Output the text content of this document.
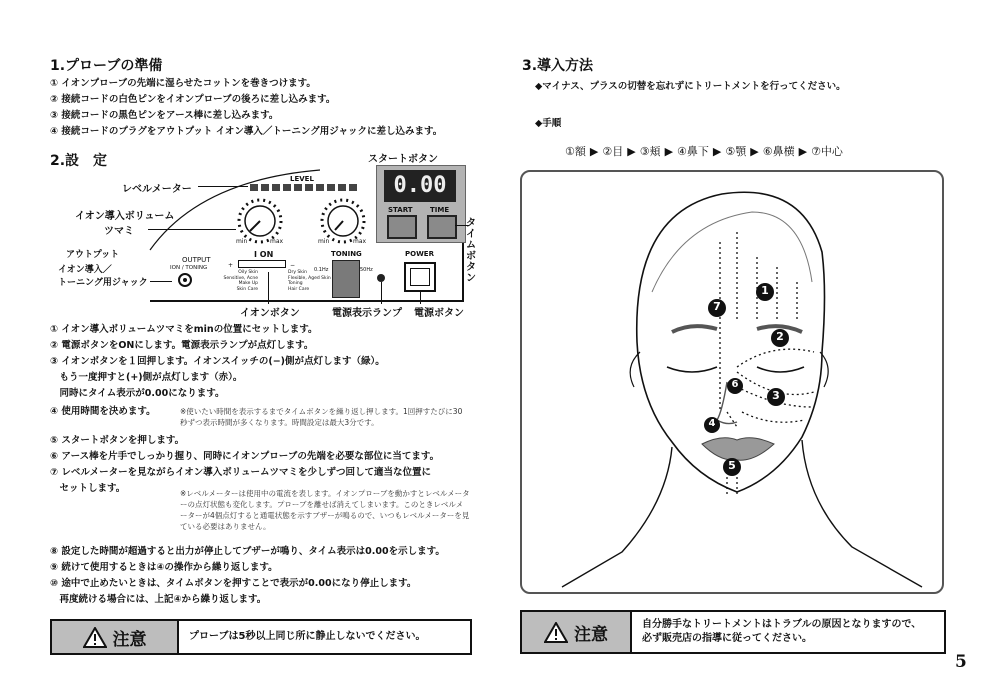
1.プローブの準備
① イオンプローブの先端に湿らせたコットンを巻きつけます。
② 接続コードの白色ピンをイオンプローブの後ろに差し込みます。
③ 接続コードの黒色ピンをアース棒に差し込みます。
④ 接続コードのプラグをアウトプット イオン導入／トーニング用ジャックに差し込みます。
2.設　定	スタートボタン
レベルメーター
LEVEL	0.00
START TIME
タイムボタン
イオン導入ボリューム
ツマミ
min	max	min	max
アウトプット
イオン導入／
トーニング用ジャック
OUTPUT
ION / TONING
I ON
+	−
Oily Skin
Sensitive, Acne
Make Up
Skin Care
Dry Skin
Flexible, Aged Skin
Toning
Hair Care
TONING
0.1Hz	50Hz
POWER
イオンボタン	電源表示ランプ 電源ボタン
① イオン導入ボリュームツマミをminの位置にセットします。
② 電源ボタンをONにします。電源表示ランプが点灯します。
③ イオンボタンを１回押します。イオンスイッチの(−)側が点灯します（緑）。
　もう一度押すと(+)側が点灯します（赤）。
　同時にタイム表示が0.00になります。
④ 使用時間を決めます。	※使いたい時間を表示するまでタイムボタンを繰り返し押します。1回押すたびに30秒ずつ表示時間が多くなります。時間設定は最大3分です。
⑤ スタートボタンを押します。
⑥ アース棒を片手でしっかり握り、同時にイオンプローブの先端を必要な部位に当てます。
⑦ レベルメーターを見ながらイオン導入ボリュームツマミを少しずつ回して適当な位置に
　セットします。	※レベルメーターは使用中の電流を表します。イオンプローブを動かすとレベルメーターの点灯状態も変化します。プローブを離せば消えてしまいます。このときレベルメーターが4個点灯すると通電状態を示すブザーが鳴るので、いつもレベルメーターを見ている必要はありません。
⑧ 設定した時間が超過すると出力が停止してブザーが鳴り、タイム表示は0.00を示します。
⑨ 続けて使用するときは④の操作から繰り返します。
⑩ 途中で止めたいときは、タイムボタンを押すことで表示が0.00になり停止します。
　再度続ける場合には、上記④から繰り返します。
注意	プローブは5秒以上同じ所に静止しないでください。
3.導入方法
◆マイナス、プラスの切替を忘れずにトリートメントを行ってください。
◆手順
①額 ▶ ②目 ▶ ③頬 ▶ ④鼻下 ▶ ⑤顎 ▶ ⑥鼻横 ▶ ⑦中心
1
2
3
4
5
6
7
注意	自分勝手なトリートメントはトラブルの原因となりますので、
必ず販売店の指導に従ってください。
5
